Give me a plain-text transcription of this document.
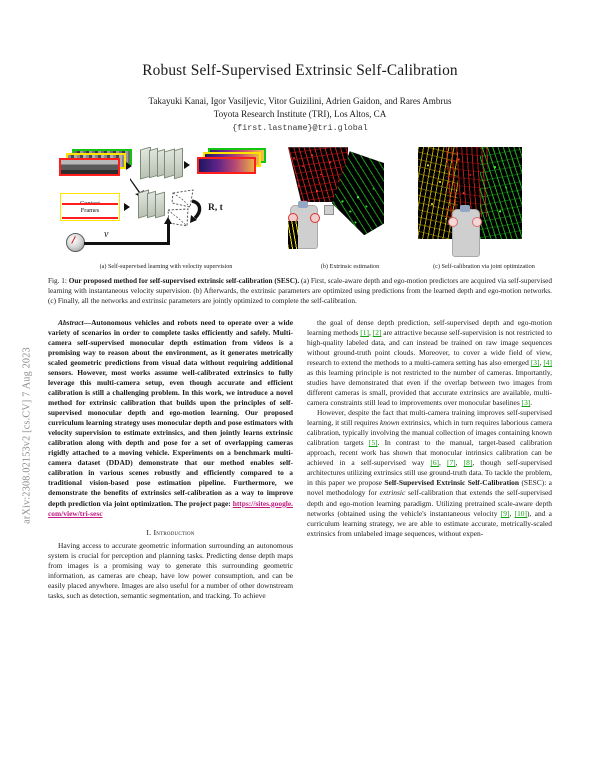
arXiv:2308.02153v2 [cs.CV] 7 Aug 2023
Robust Self-Supervised Extrinsic Self-Calibration
Takayuki Kanai, Igor Vasiljevic, Vitor Guizilini, Adrien Gaidon, and Rares Ambrus
Toyota Research Institute (TRI), Los Altos, CA
{first.lastname}@tri.global
Frames	R, t
v
(a) Self-supervised learning with velocity supervision	(b) Extrinsic estimation	(c) Self-calibration via joint optimization
Fig. 1: Our proposed method for self-supervised extrinsic self-calibration (SESC). (a) First, scale-aware depth and ego-motion predictors are acquired via self-supervised learning with instantaneous velocity supervision. (b) Afterwards, the extrinsic parameters are optimized using predictions from the learned depth and ego-motion networks. (c) Finally, all the networks and extrinsic parameters are jointly optimized to complete the self-calibration.

Abstract—Autonomous vehicles and robots need to operate over a wide variety of scenarios in order to complete tasks efficiently and safely. Multi-camera self-supervised monocular depth estimation from videos is a promising way to reason about the environment, as it generates metrically scaled geometric predictions from visual data without requiring additional sensors. However, most works assume well-calibrated extrinsics to fully leverage this multi-camera setup, even though accurate and efficient calibration is still a challenging problem. In this work, we introduce a novel method for extrinsic calibration that builds upon the principles of self-supervised monocular depth and ego-motion learning. Our proposed curriculum learning strategy uses monocular depth and pose estimators with velocity supervision to estimate extrinsics, and then jointly learns extrinsic calibration along with depth and pose for a set of overlapping cameras rigidly attached to a moving vehicle. Experiments on a benchmark multi-camera dataset (DDAD) demonstrate that our method enables self-calibration in various scenes robustly and efficiently compared to a traditional vision-based pose estimation pipeline. Furthermore, we demonstrate the benefits of extrinsics self-calibration as a way to improve depth prediction via joint optimization. The project page: https://sites.google.com/view/tri-sesc

I. Introduction

Having access to accurate geometric information surrounding an autonomous system is crucial for perception and planning tasks. Predicting dense depth maps from images is a promising way to generate this surrounding geometric information, as cameras are cheap, have low power consumption, and can be easily placed anywhere. Images are also useful for a number of other downstream tasks, such as detection, semantic segmentation, and tracking. To achieve

the goal of dense depth prediction, self-supervised depth and ego-motion learning methods [1], [2] are attractive because self-supervision is not restricted to high-quality labeled data, and can instead be trained on raw image sequences without ground-truth point clouds. Moreover, to cover a wide field of view, research to extend the methods to a multi-camera setting has also emerged [3], [4] as this learning principle is not restricted to the number of cameras. Importantly, studies have demonstrated that even if the overlap between two images from different cameras is small, provided that accurate extrinsics are available, multi-camera constraints still lead to improvements over monocular baselines [3].

However, despite the fact that multi-camera training improves self-supervised learning, it still requires known extrinsics, which in turn requires laborious camera calibration, typically involving the manual collection of images containing known calibration targets [5]. In contrast to the manual, target-based calibration approach, recent work has shown that monocular intrinsics calibration can be achieved in a self-supervised way [6], [7], [8], though self-supervised architectures utilizing extrinsics still use ground-truth data. To tackle the problem, in this paper we propose Self-Supervised Extrinsic Self-Calibration (SESC): a novel methodology for extrinsic self-calibration that extends the self-supervised depth and ego-motion learning paradigm. Utilizing pretrained scale-aware depth networks (obtained using the vehicle's instantaneous velocity [9], [10]), and a curriculum learning strategy, we are able to estimate accurate, metrically-scaled extrinsics from unlabeled image sequences, without expen-
